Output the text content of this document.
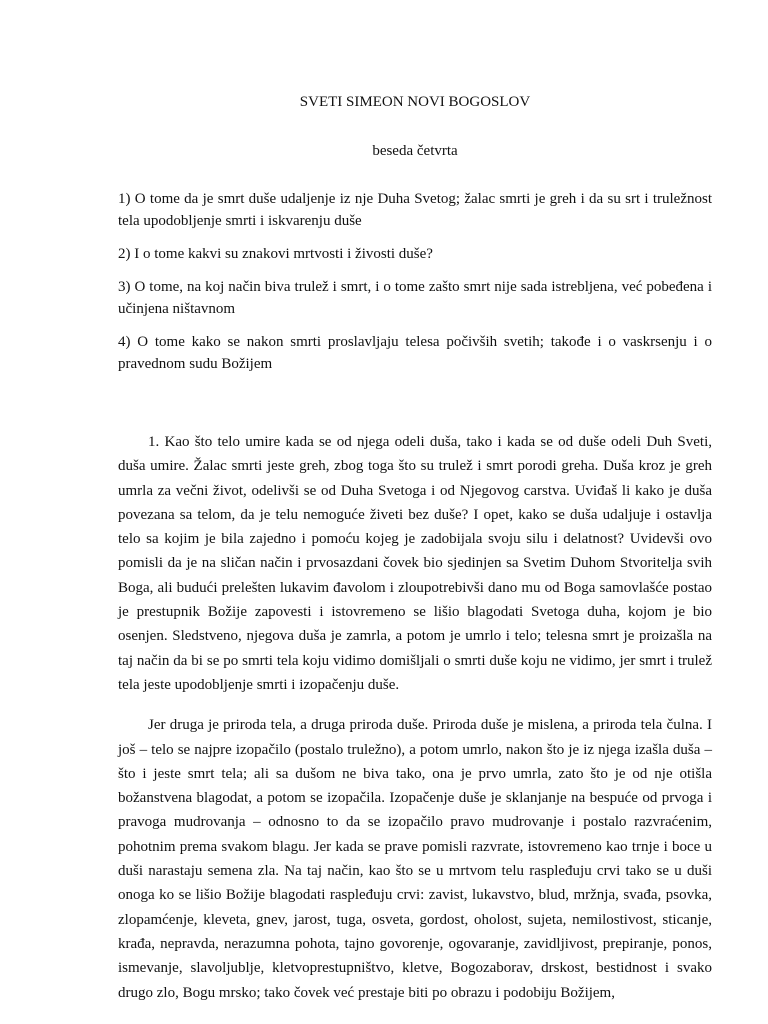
SVETI SIMEON NOVI BOGOSLOV
beseda četvrta

1) O tome da je smrt duše udaljenje iz nje Duha Svetog; žalac smrti je greh i da su srt i truležnost tela upodobljenje smrti i iskvarenju duše

2) I o tome kakvi su znakovi mrtvosti i živosti duše?

3) O tome, na koj način biva trulež i smrt, i o tome zašto smrt nije sada istrebljena, već pobeđena i učinjena ništavnom

4) O tome kako se nakon smrti proslavljaju telesa počivših svetih; takođe i o vaskrsenju i o pravednom sudu Božijem

1. Kao što telo umire kada se od njega odeli duša, tako i kada se od duše odeli Duh Sveti, duša umire. Žalac smrti jeste greh, zbog toga što su trulež i smrt porodi greha. Duša kroz je greh umrla za večni život, odelivši se od Duha Svetoga i od Njegovog carstva. Uviđaš li kako je duša povezana sa telom, da je telu nemoguće živeti bez duše? I opet, kako se duša udaljuje i ostavlja telo sa kojim je bila zajedno i pomoću kojeg je zadobijala svoju silu i delatnost? Uvidevši ovo pomisli da je na sličan način i prvosazdani čovek bio sjedinjen sa Svetim Duhom Stvoritelja svih Boga, ali budući prelešten lukavim đavolom i zloupotrebivši dano mu od Boga samovlašće postao je prestupnik Božije zapovesti i istovremeno se lišio blagodati Svetoga duha, kojom je bio osenjen. Sledstveno, njegova duša je zamrla, a potom je umrlo i telo; telesna smrt je proizašla na taj način da bi se po smrti tela koju vidimo domišljali o smrti duše koju ne vidimo, jer smrt i trulež tela jeste upodobljenje smrti i izopačenju duše.

Jer druga je priroda tela, a druga priroda duše. Priroda duše je mislena, a priroda tela čulna. I još – telo se najpre izopačilo (postalo truležno), a potom umrlo, nakon što je iz njega izašla duša – što i jeste smrt tela; ali sa dušom ne biva tako, ona je prvo umrla, zato što je od nje otišla božanstvena blagodat, a potom se izopačila. Izopačenje duše je sklanjanje na bespuće od prvoga i pravoga mudrovanja – odnosno to da se izopačilo pravo mudrovanje i postalo razvraćenim, pohotnim prema svakom blagu. Jer kada se prave pomisli razvrate, istovremeno kao trnje i boce u duši narastaju semena zla. Na taj način, kao što se u mrtvom telu raspleđuju crvi tako se u duši onoga ko se lišio Božije blagodati raspleđuju crvi: zavist, lukavstvo, blud, mržnja, svađa, psovka, zlopamćenje, kleveta, gnev, jarost, tuga, osveta, gordost, oholost, sujeta, nemilostivost, sticanje, krađa, nepravda, nerazumna pohota, tajno govorenje, ogovaranje, zavidljivost, prepiranje, ponos, ismevanje, slavoljublje, kletvoprestupništvo, kletve, Bogozaborav, drskost, bestidnost i svako drugo zlo, Bogu mrsko; tako čovek već prestaje biti po obrazu i podobiju Božijem,
